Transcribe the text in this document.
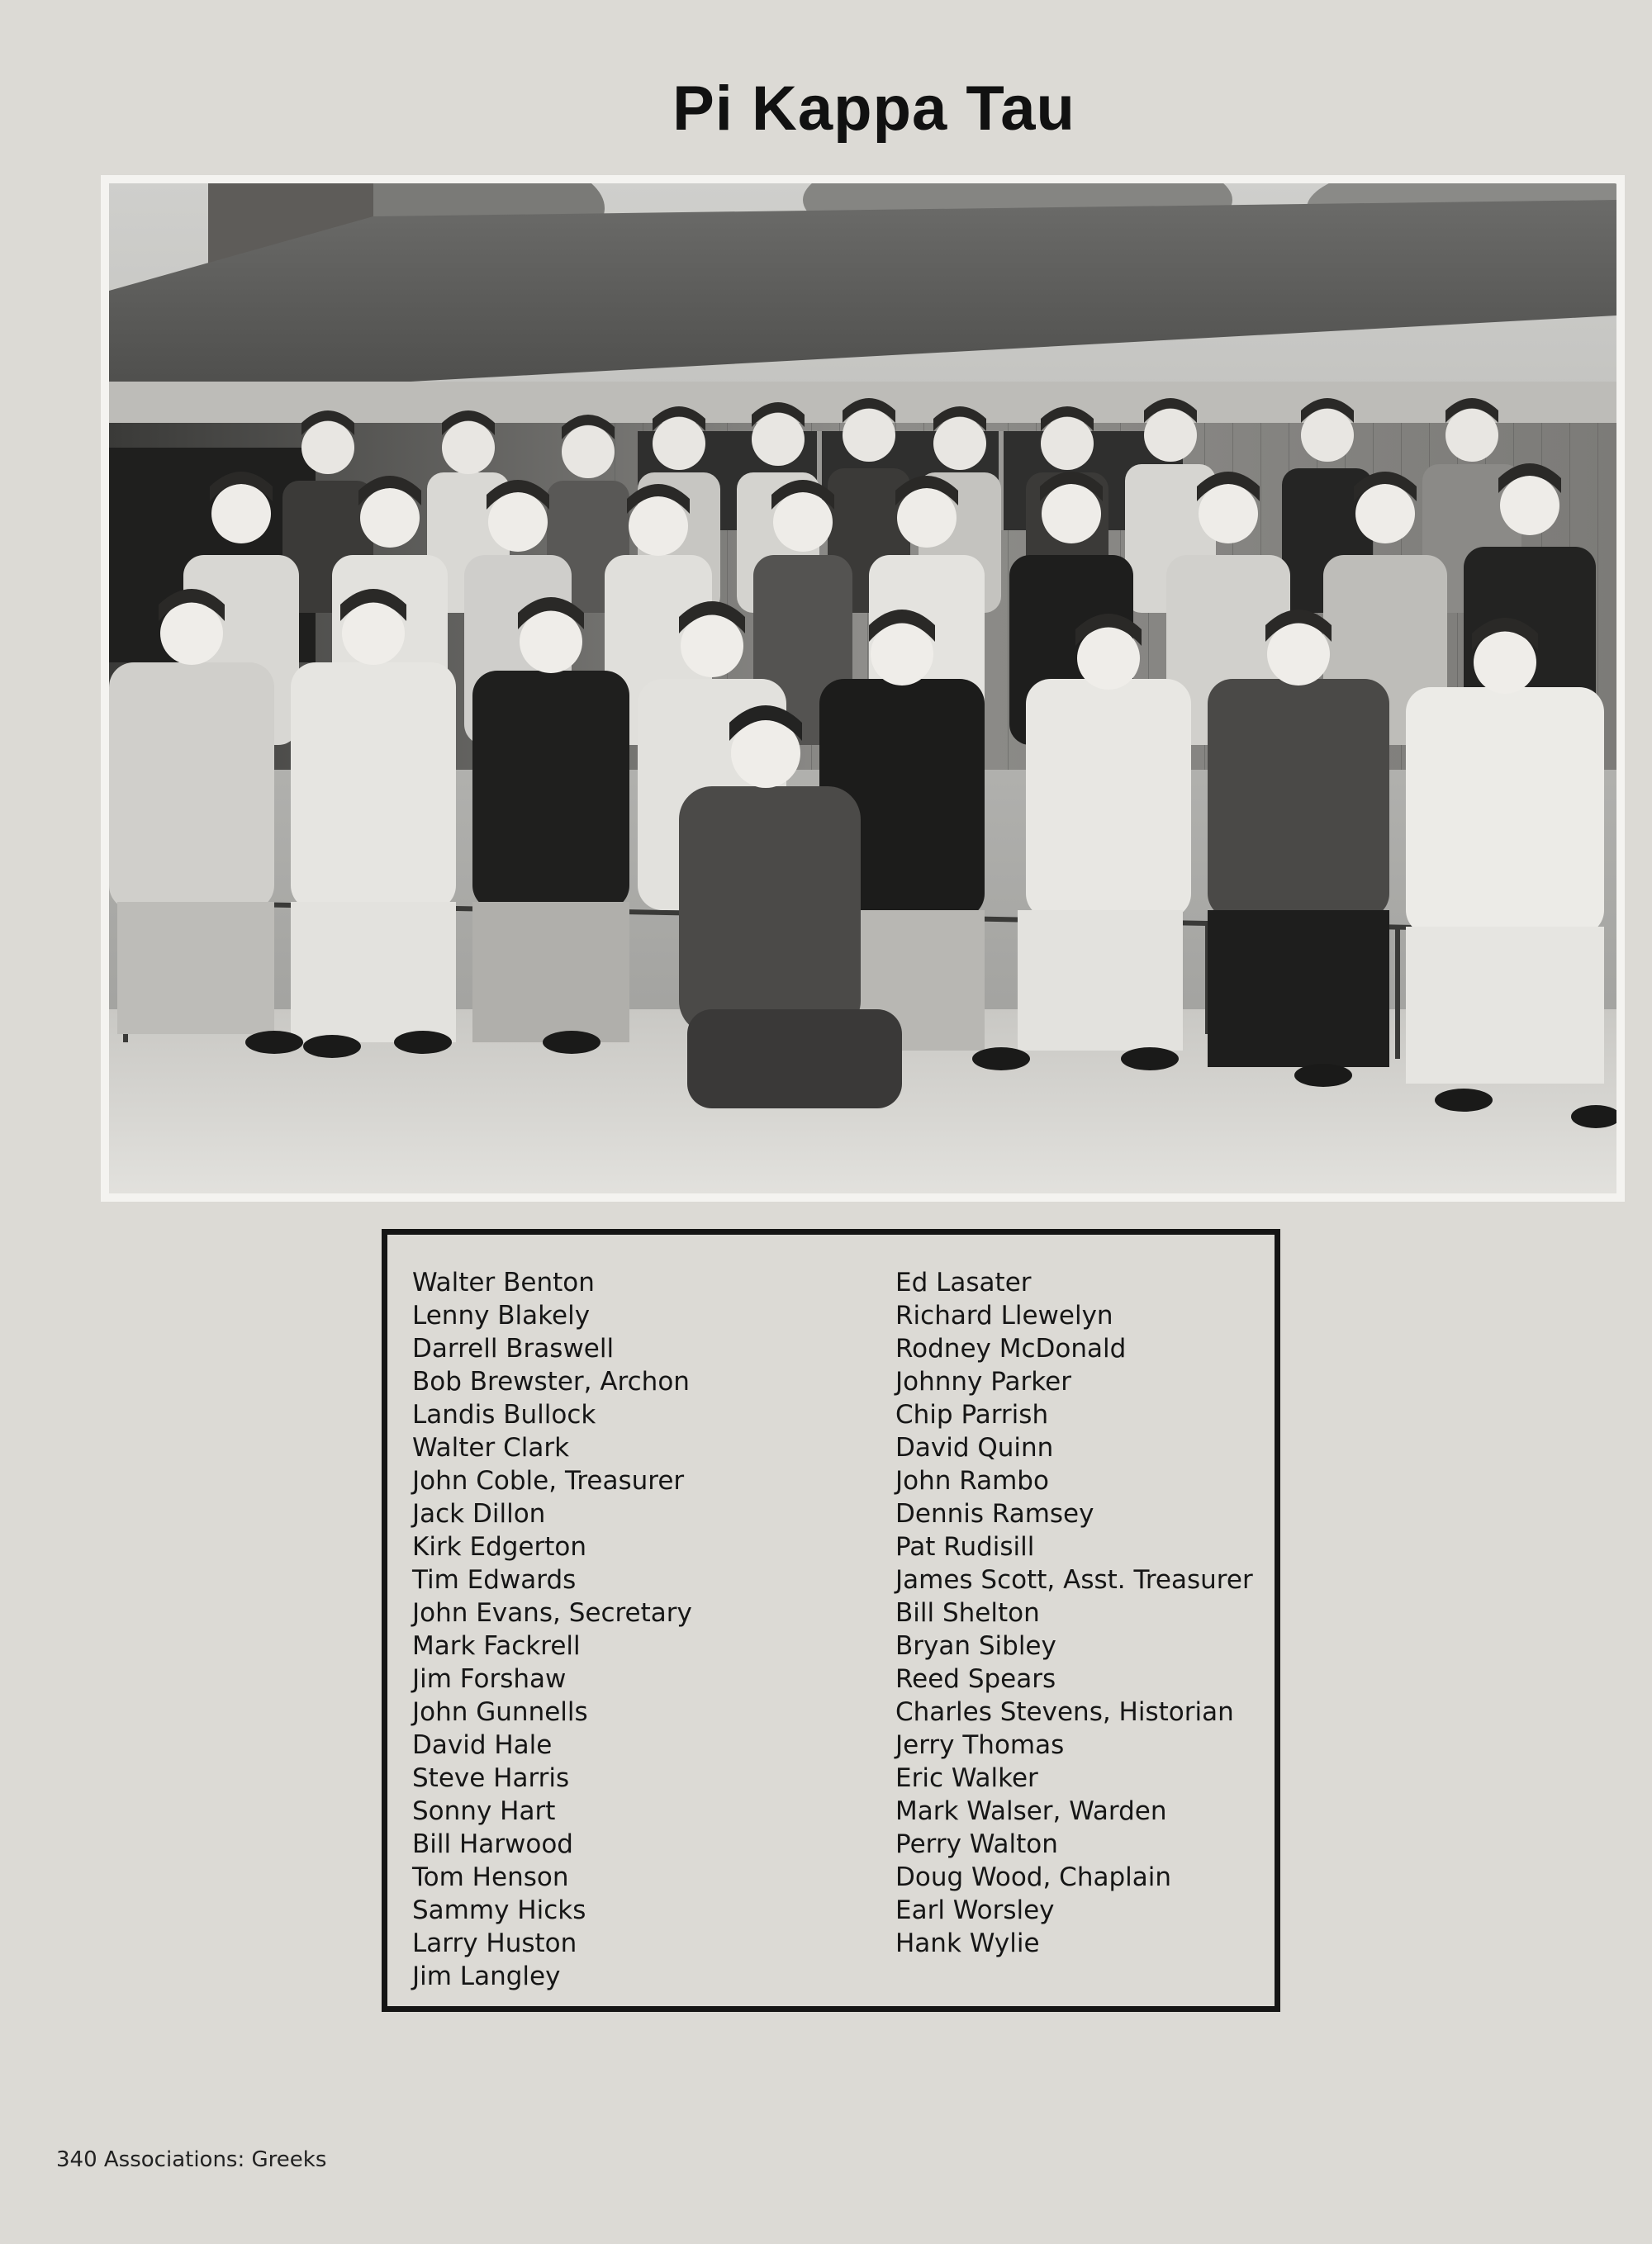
Pi Kappa Tau
Walter Benton
Lenny Blakely
Darrell Braswell
Bob Brewster, Archon
Landis Bullock
Walter Clark
John Coble, Treasurer
Jack Dillon
Kirk Edgerton
Tim Edwards
John Evans, Secretary
Mark Fackrell
Jim Forshaw
John Gunnells
David Hale
Steve Harris
Sonny Hart
Bill Harwood
Tom Henson
Sammy Hicks
Larry Huston
Jim Langley
Ed Lasater
Richard Llewelyn
Rodney McDonald
Johnny Parker
Chip Parrish
David Quinn
John Rambo
Dennis Ramsey
Pat Rudisill
James Scott, Asst. Treasurer
Bill Shelton
Bryan Sibley
Reed Spears
Charles Stevens, Historian
Jerry Thomas
Eric Walker
Mark Walser, Warden
Perry Walton
Doug Wood, Chaplain
Earl Worsley
Hank Wylie
340 Associations: Greeks
